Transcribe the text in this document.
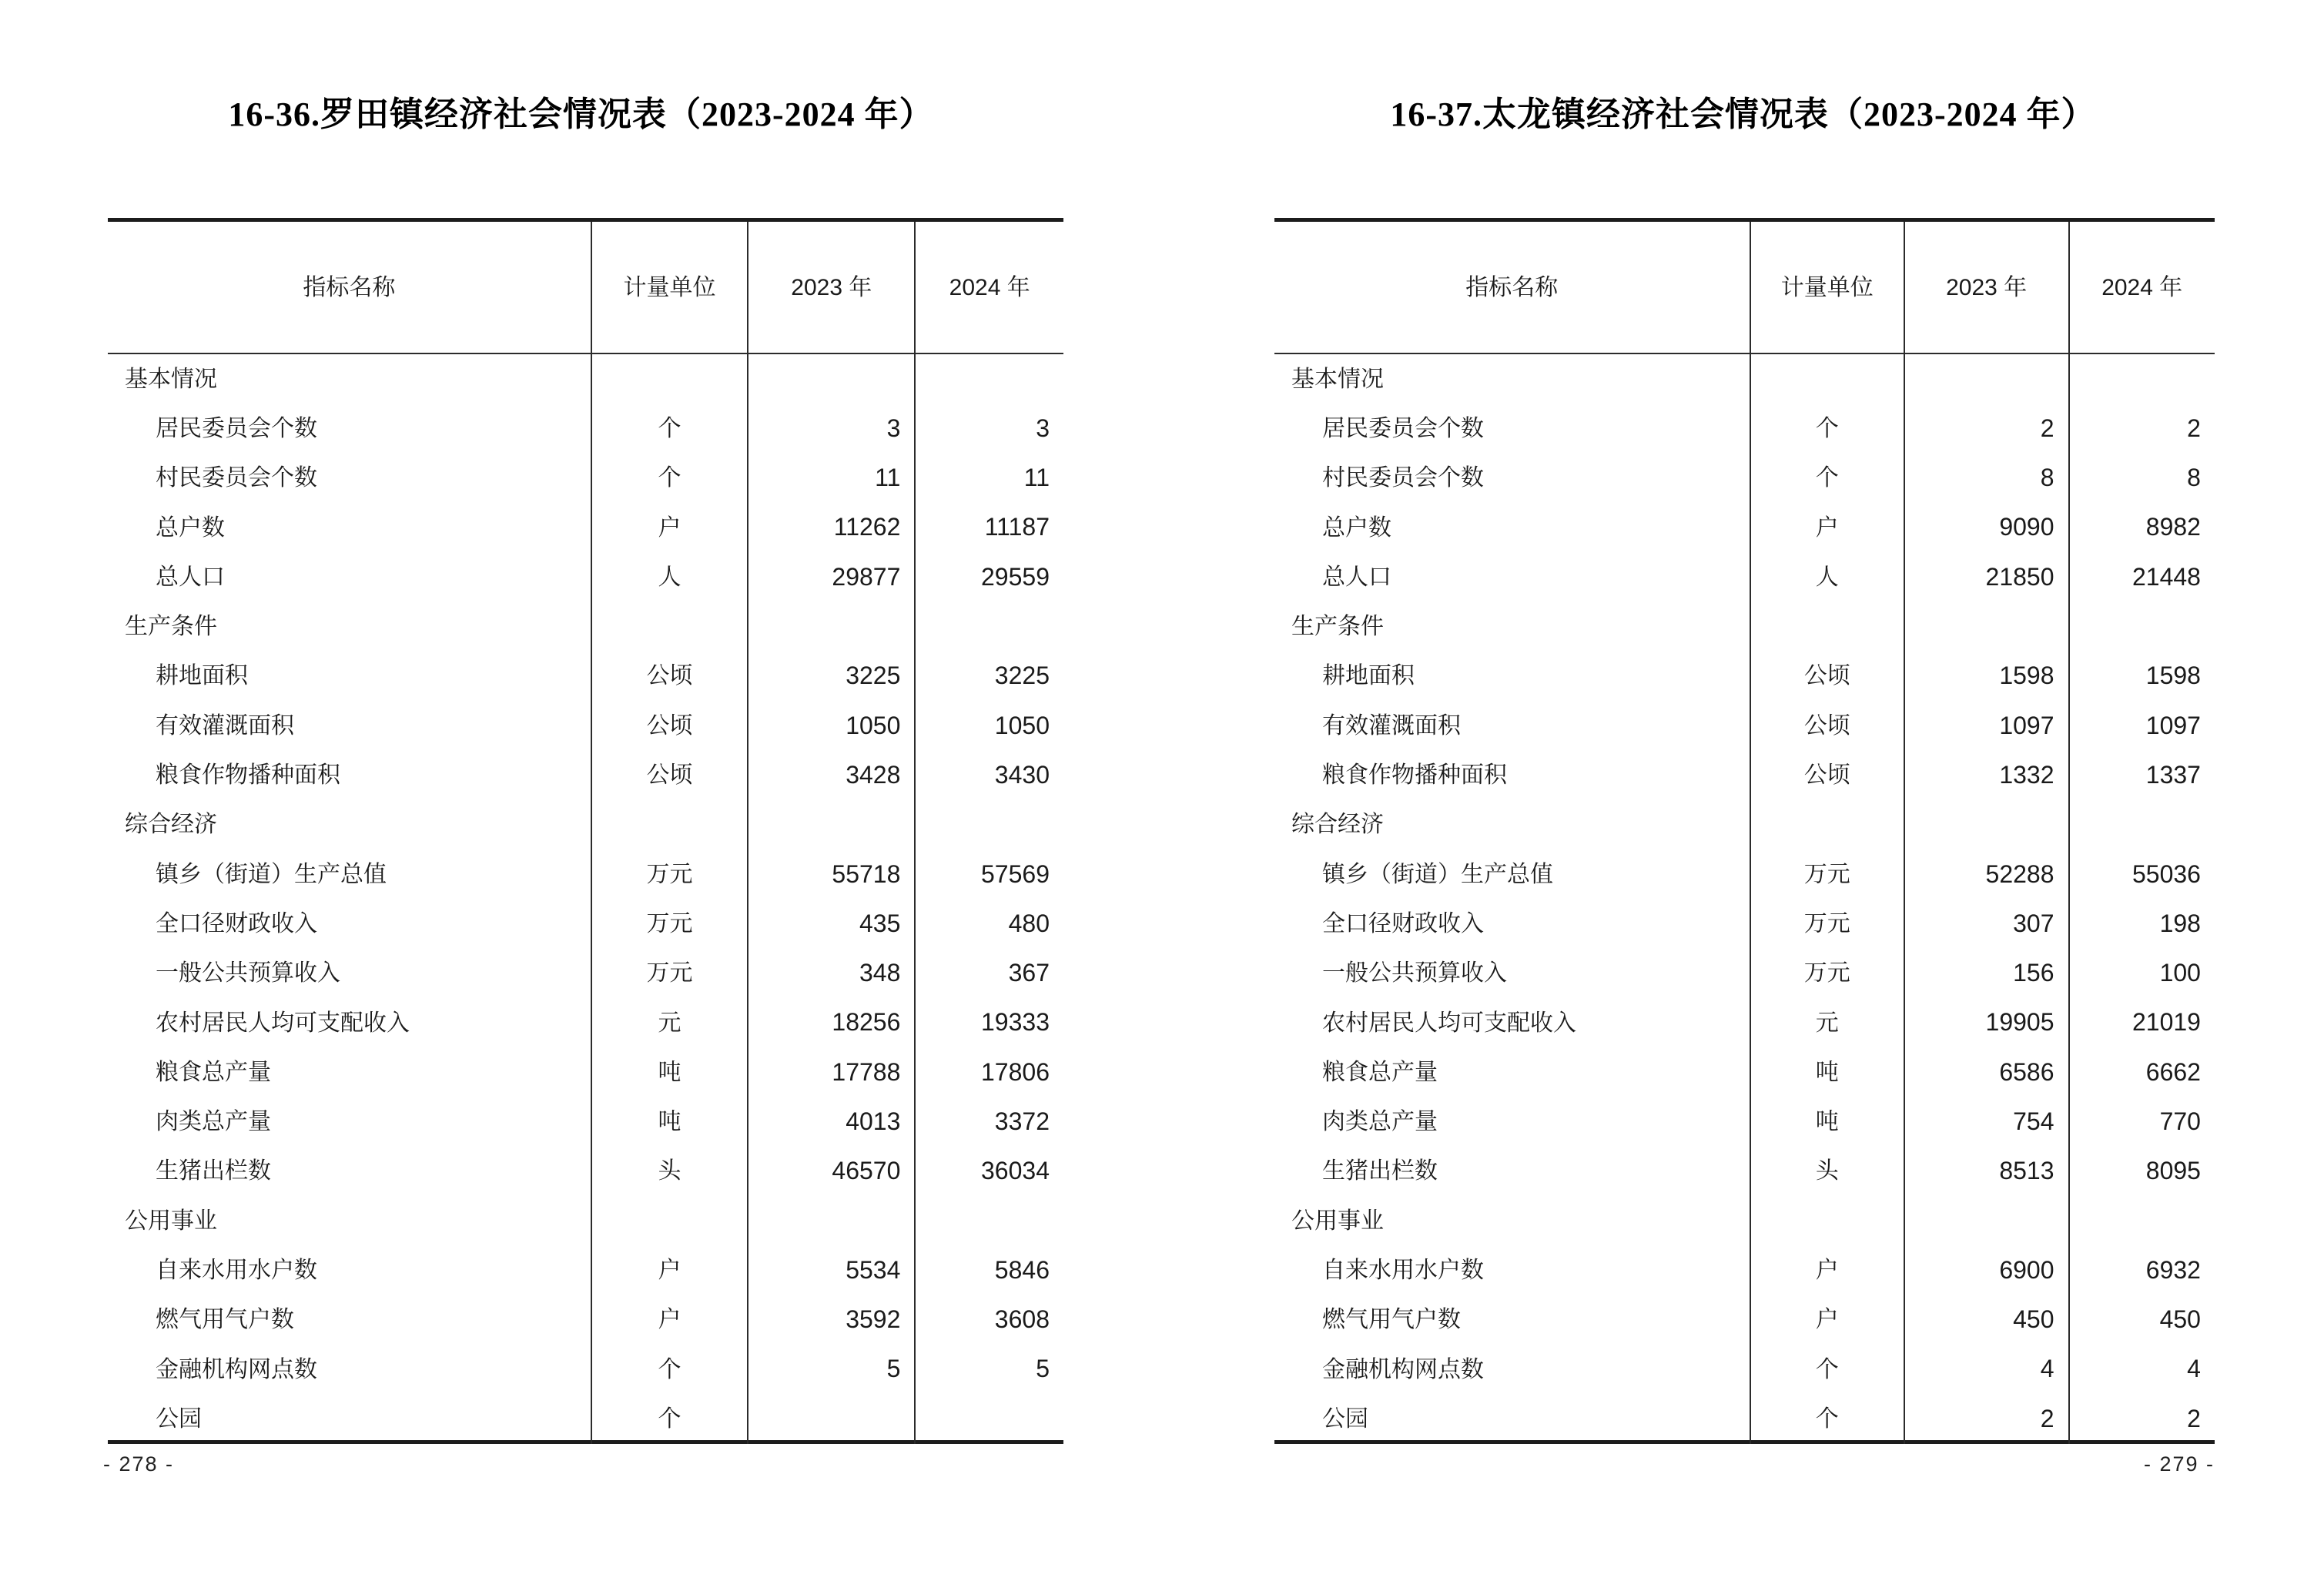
16-36.罗田镇经济社会情况表（2023-2024 年）
指标名称	计量单位	2023 年	2024 年
基本情况
居民委员会个数	个	3	3
村民委员会个数	个	11	11
总户数	户	11262	11187
总人口	人	29877	29559
生产条件
耕地面积	公顷	3225	3225
有效灌溉面积	公顷	1050	1050
粮食作物播种面积	公顷	3428	3430
综合经济
镇乡（街道）生产总值	万元	55718	57569
全口径财政收入	万元	435	480
一般公共预算收入	万元	348	367
农村居民人均可支配收入	元	18256	19333
粮食总产量	吨	17788	17806
肉类总产量	吨	4013	3372
生猪出栏数	头	46570	36034
公用事业
自来水用水户数	户	5534	5846
燃气用气户数	户	3592	3608
金融机构网点数	个	5	5
公园	个
- 278 -
16-37.太龙镇经济社会情况表（2023-2024 年）
指标名称	计量单位	2023 年	2024 年
基本情况
居民委员会个数	个	2	2
村民委员会个数	个	8	8
总户数	户	9090	8982
总人口	人	21850	21448
生产条件
耕地面积	公顷	1598	1598
有效灌溉面积	公顷	1097	1097
粮食作物播种面积	公顷	1332	1337
综合经济
镇乡（街道）生产总值	万元	52288	55036
全口径财政收入	万元	307	198
一般公共预算收入	万元	156	100
农村居民人均可支配收入	元	19905	21019
粮食总产量	吨	6586	6662
肉类总产量	吨	754	770
生猪出栏数	头	8513	8095
公用事业
自来水用水户数	户	6900	6932
燃气用气户数	户	450	450
金融机构网点数	个	4	4
公园	个	2	2
- 279 -
